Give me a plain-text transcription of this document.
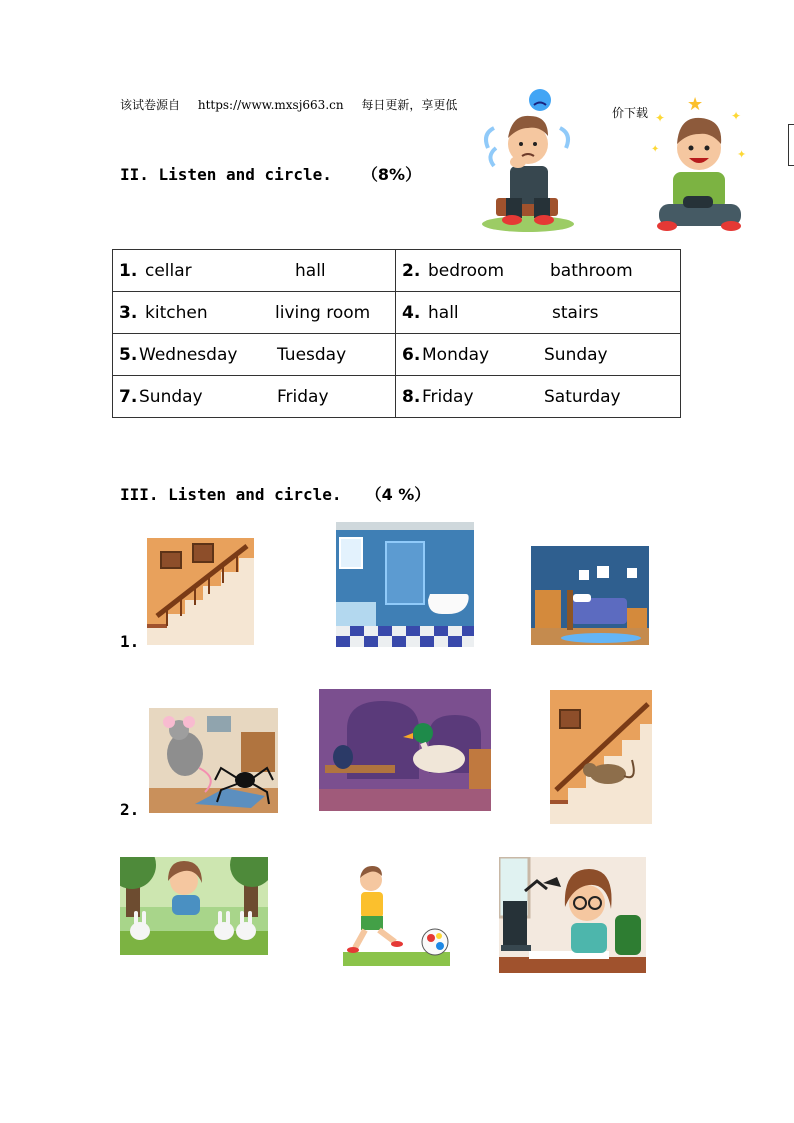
该试卷源自 https://www.mxsj663.cn 每日更新，享更低
价下载 ★
✦	✦
✦	✦
II. Listen and circle. （8%）
1. cellar hall	2. bedroom bathroom
3. kitchen living room	4. hall stairs
5. Wednesday Tuesday	6. Monday Sunday
7. Sunday Friday	8. Friday Saturday
III. Listen and circle. （4 %）
1.
2.
